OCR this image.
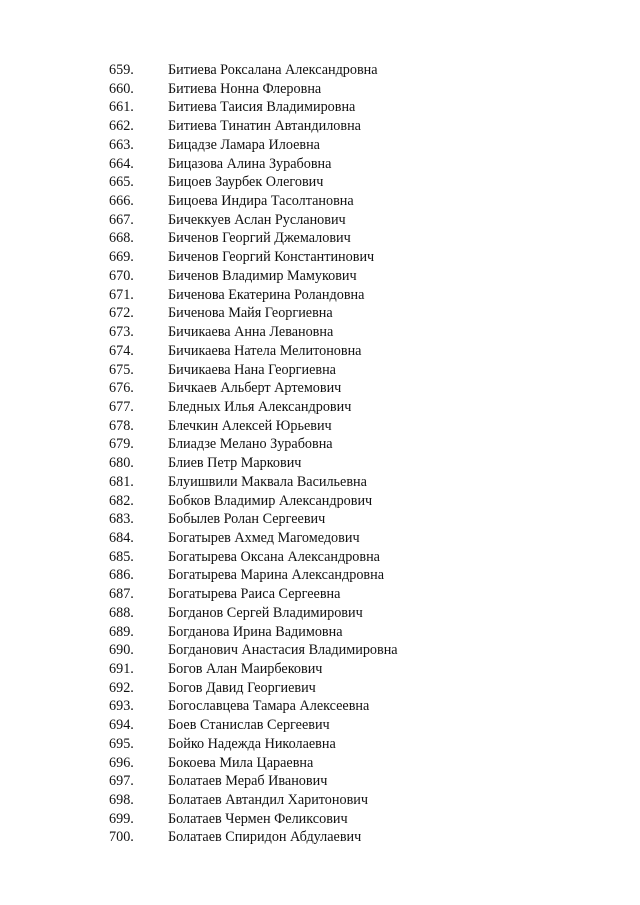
659. Битиева Роксалана Александровна
660. Битиева Нонна Флеровна
661. Битиева Таисия Владимировна
662. Битиева Тинатин Автандиловна
663. Бицадзе Ламара Илоевна
664. Бицазова Алина Зурабовна
665. Бицоев Заурбек Олегович
666. Бицоева Индира Тасолтановна
667. Бичеккуев Аслан Русланович
668. Биченов Георгий Джемалович
669. Биченов Георгий Константинович
670. Биченов Владимир Мамукович
671. Биченова Екатерина Роландовна
672. Биченова Майя Георгиевна
673. Бичикаева Анна Левановна
674. Бичикаева Натела Мелитоновна
675. Бичикаева Нана Георгиевна
676. Бичкаев Альберт Артемович
677. Бледных Илья Александрович
678. Блечкин Алексей Юрьевич
679. Блиадзе Мелано Зурабовна
680. Блиев Петр Маркович
681. Блуишвили Маквала Васильевна
682. Бобков Владимир Александрович
683. Бобылев Ролан Сергеевич
684. Богатырев Ахмед Магомедович
685. Богатырева Оксана Александровна
686. Богатырева Марина Александровна
687. Богатырева Раиса Сергеевна
688. Богданов Сергей Владимирович
689. Богданова Ирина Вадимовна
690. Богданович Анастасия Владимировна
691. Богов Алан Маирбекович
692. Богов Давид Георгиевич
693. Богославцева Тамара Алексеевна
694. Боев Станислав Сергеевич
695. Бойко Надежда Николаевна
696. Бокоева Мила Цараевна
697. Болатаев Мераб Иванович
698. Болатаев Автандил Харитонович
699. Болатаев Чермен Феликсович
700. Болатаев Спиридон Абдулаевич
